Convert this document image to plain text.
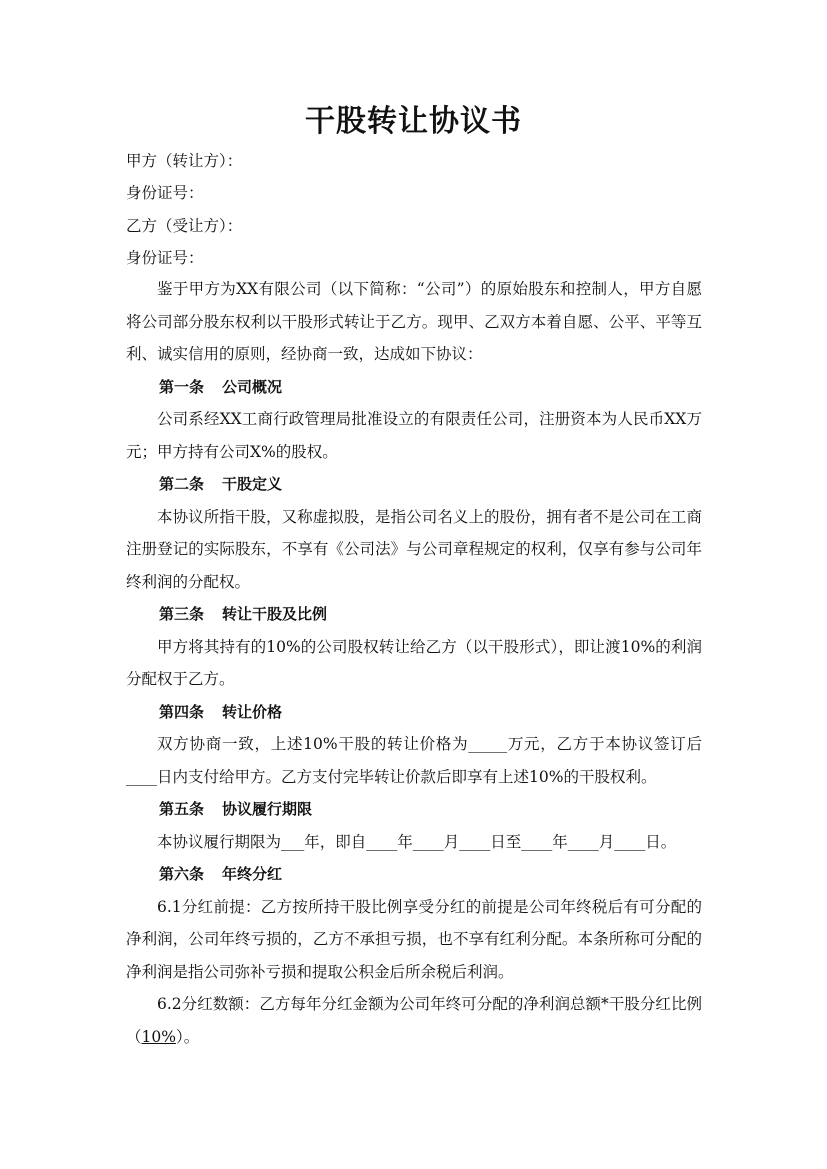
干股转让协议书
甲方（转让方）：
身份证号：
乙方（受让方）：
身份证号：

鉴于甲方为XX有限公司（以下简称：“公司”）的原始股东和控制人，甲方自愿将公司部分股东权利以干股形式转让于乙方。现甲、乙双方本着自愿、公平、平等互利、诚实信用的原则，经协商一致，达成如下协议：

第一条 公司概况

公司系经XX工商行政管理局批准设立的有限责任公司，注册资本为人民币XX万元；甲方持有公司X%的股权。

第二条 干股定义

本协议所指干股，又称虚拟股，是指公司名义上的股份，拥有者不是公司在工商注册登记的实际股东，不享有《公司法》与公司章程规定的权利，仅享有参与公司年终利润的分配权。

第三条 转让干股及比例

甲方将其持有的10%的公司股权转让给乙方（以干股形式），即让渡10%的利润分配权于乙方。

第四条 转让价格

双方协商一致，上述10%干股的转让价格为_____万元，乙方于本协议签订后____日内支付给甲方。乙方支付完毕转让价款后即享有上述10%的干股权利。

第五条 协议履行期限

本协议履行期限为___年，即自____年____月____日至____年____月____日。

第六条 年终分红

6.1分红前提：乙方按所持干股比例享受分红的前提是公司年终税后有可分配的净利润，公司年终亏损的，乙方不承担亏损，也不享有红利分配。本条所称可分配的净利润是指公司弥补亏损和提取公积金后所余税后利润。

6.2分红数额：乙方每年分红金额为公司年终可分配的净利润总额*干股分红比例（10%）。
